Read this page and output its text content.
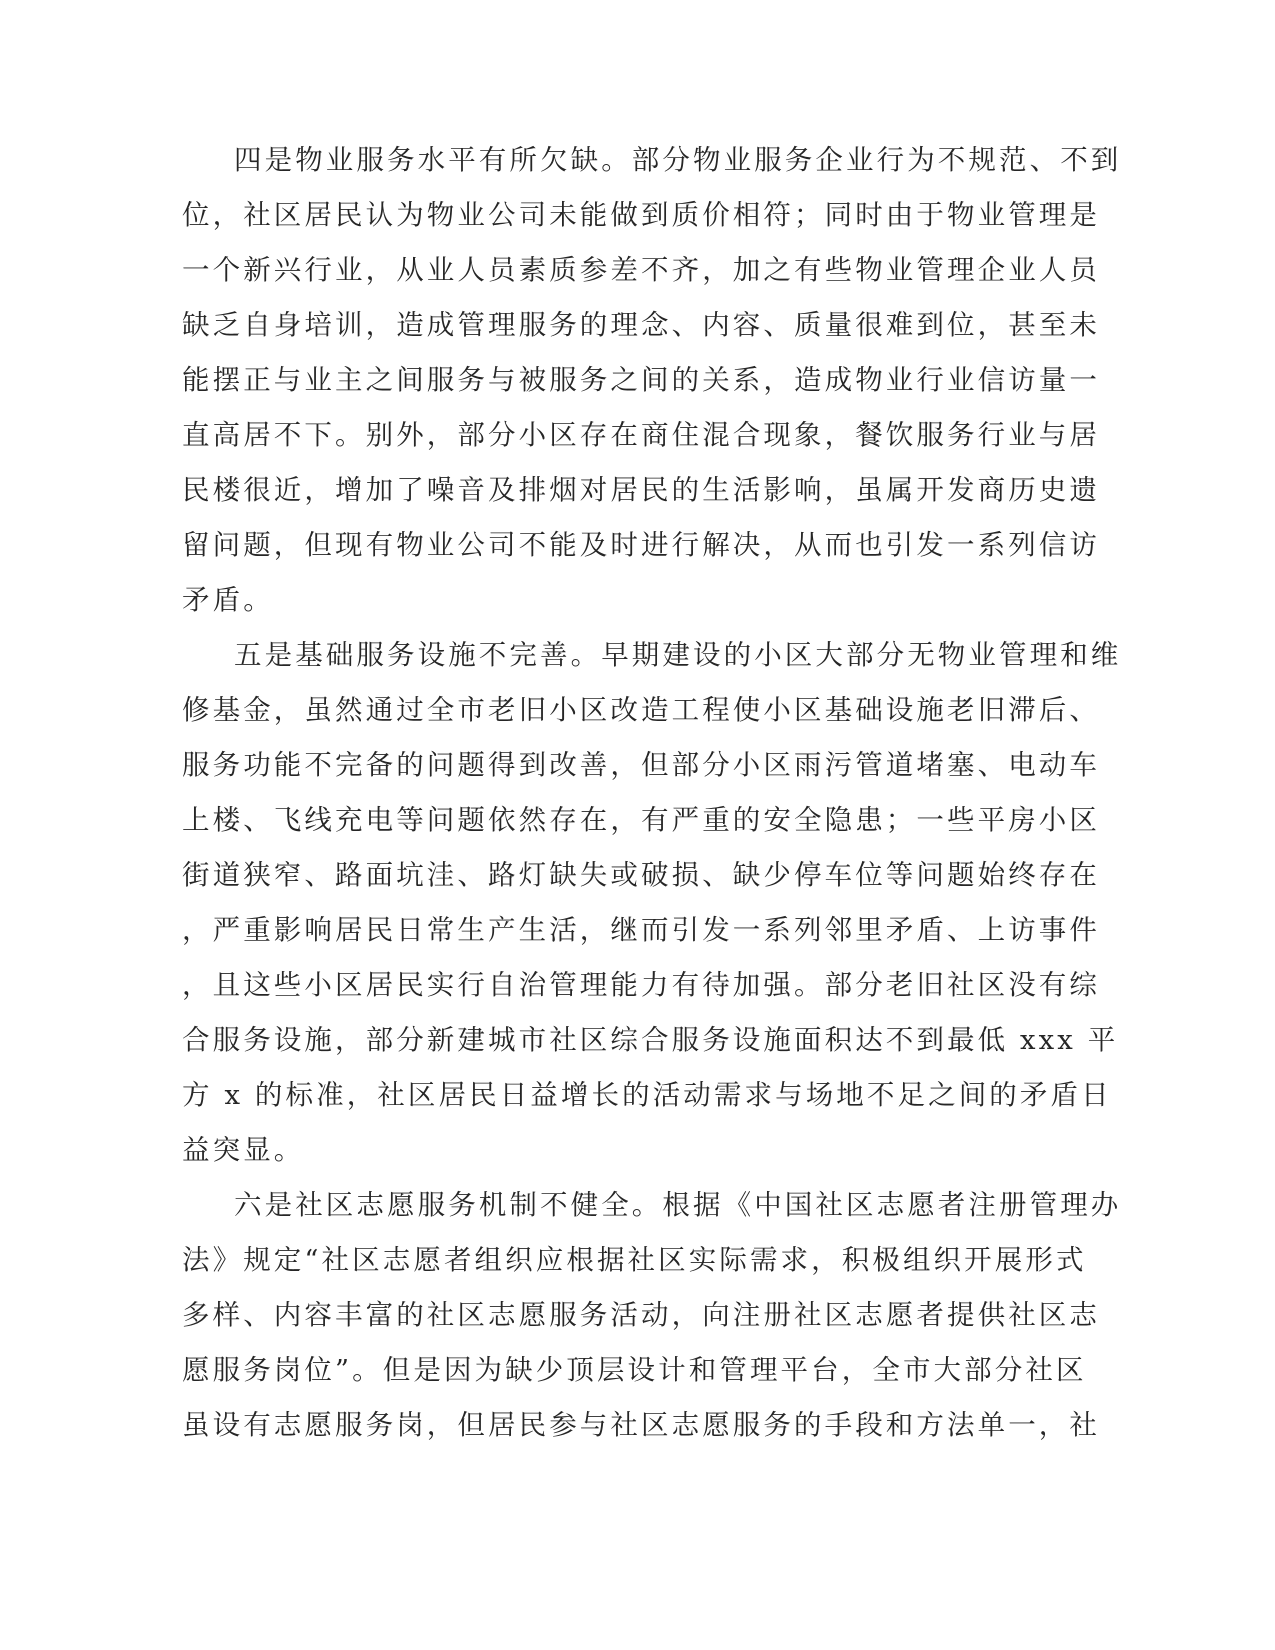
四是物业服务水平有所欠缺。部分物业服务企业行为不规范、不到

位，社区居民认为物业公司未能做到质价相符；同时由于物业管理是

一个新兴行业，从业人员素质参差不齐，加之有些物业管理企业人员

缺乏自身培训，造成管理服务的理念、内容、质量很难到位，甚至未

能摆正与业主之间服务与被服务之间的关系，造成物业行业信访量一

直高居不下。别外，部分小区存在商住混合现象，餐饮服务行业与居

民楼很近，增加了噪音及排烟对居民的生活影响，虽属开发商历史遗

留问题，但现有物业公司不能及时进行解决，从而也引发一系列信访

矛盾。

五是基础服务设施不完善。早期建设的小区大部分无物业管理和维

修基金，虽然通过全市老旧小区改造工程使小区基础设施老旧滞后、

服务功能不完备的问题得到改善，但部分小区雨污管道堵塞、电动车

上楼、飞线充电等问题依然存在，有严重的安全隐患；一些平房小区

街道狭窄、路面坑洼、路灯缺失或破损、缺少停车位等问题始终存在

，严重影响居民日常生产生活，继而引发一系列邻里矛盾、上访事件

，且这些小区居民实行自治管理能力有待加强。部分老旧社区没有综

合服务设施，部分新建城市社区综合服务设施面积达不到最低 xxx 平

方 x 的标准，社区居民日益增长的活动需求与场地不足之间的矛盾日

益突显。

六是社区志愿服务机制不健全。根据《中国社区志愿者注册管理办

法》规定“社区志愿者组织应根据社区实际需求，积极组织开展形式

多样、内容丰富的社区志愿服务活动，向注册社区志愿者提供社区志

愿服务岗位”。但是因为缺少顶层设计和管理平台，全市大部分社区

虽设有志愿服务岗，但居民参与社区志愿服务的手段和方法单一，社
